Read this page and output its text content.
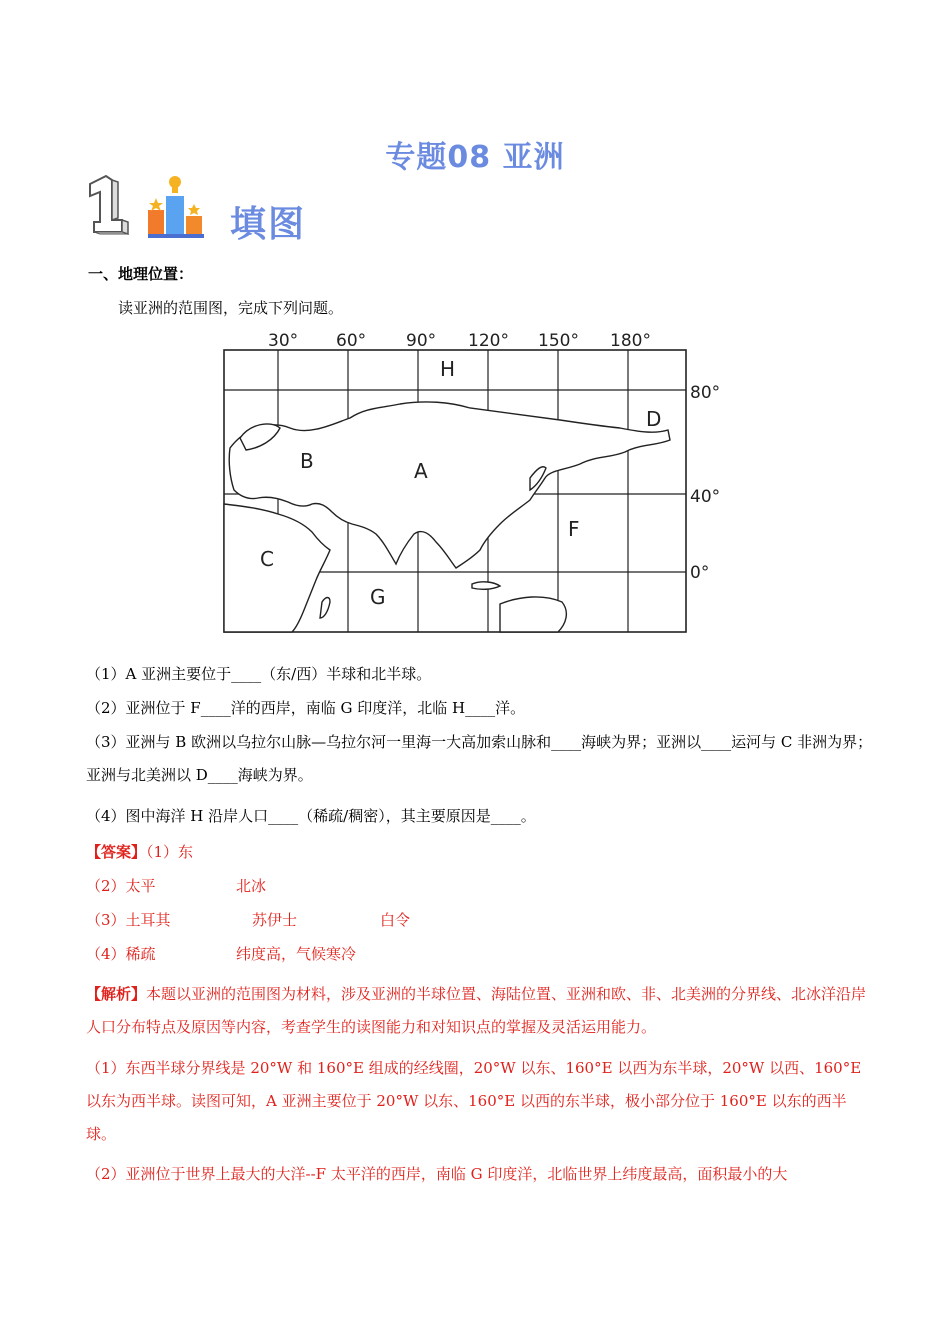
专题08 亚洲
填图
一、地理位置：
读亚洲的范围图，完成下列问题。
30° 60° 90° 120° 150° 180°
80°
40°
0°
H
D
B	A
F
C
G
（1）A 亚洲主要位于____（东/西）半球和北半球。
（2）亚洲位于 F____洋的西岸，南临 G 印度洋，北临 H____洋。
（3）亚洲与 B 欧洲以乌拉尔山脉—乌拉尔河一里海一大高加索山脉和____海峡为界；亚洲以____运河与 C 非洲为界；亚洲与北美洲以 D____海峡为界。
（4）图中海洋 H 沿岸人口____（稀疏/稠密），其主要原因是____。
【答案】（1）东
（2）太平	北冰
（3）土耳其	苏伊士	白令
（4）稀疏	纬度高，气候寒冷
【解析】本题以亚洲的范围图为材料，涉及亚洲的半球位置、海陆位置、亚洲和欧、非、北美洲的分界线、北冰洋沿岸人口分布特点及原因等内容，考查学生的读图能力和对知识点的掌握及灵活运用能力。
（1）东西半球分界线是 20°W 和 160°E 组成的经线圈，20°W 以东、160°E 以西为东半球，20°W 以西、160°E 以东为西半球。读图可知，A 亚洲主要位于 20°W 以东、160°E 以西的东半球，极小部分位于 160°E 以东的西半球。
（2）亚洲位于世界上最大的大洋--F 太平洋的西岸，南临 G 印度洋，北临世界上纬度最高，面积最小的大
